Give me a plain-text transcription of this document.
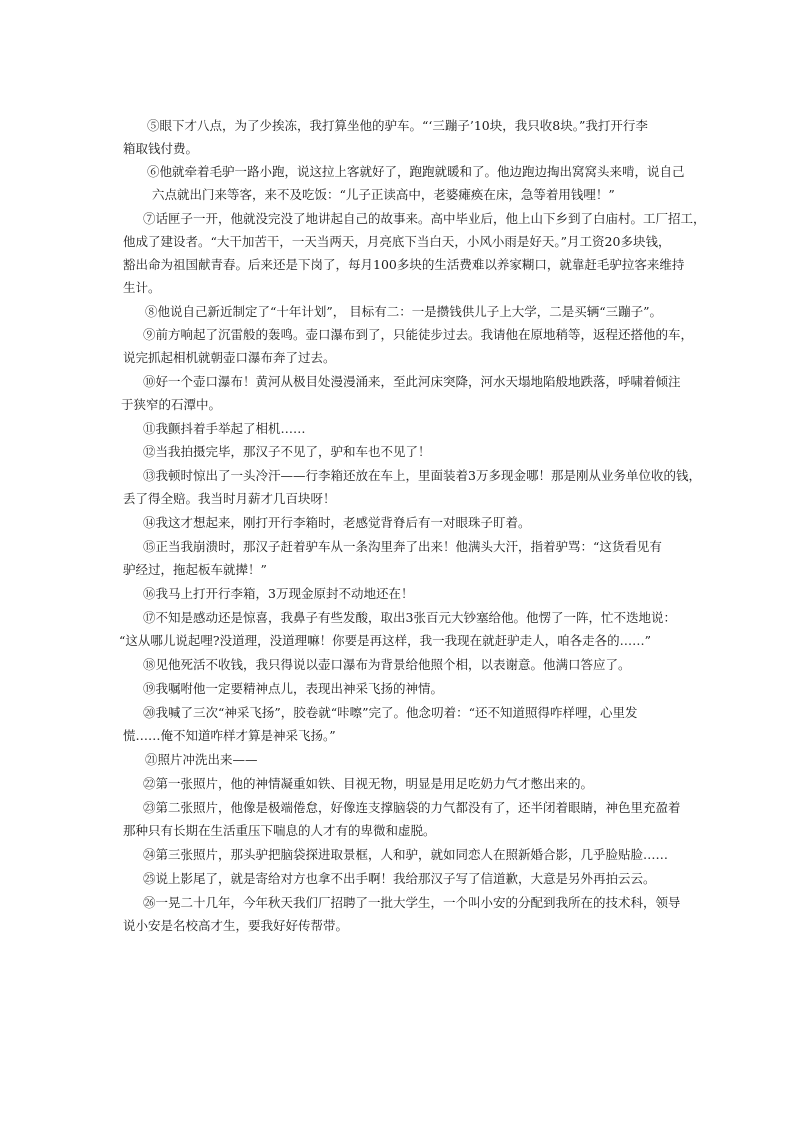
⑤眼下才八点，为了少挨冻，我打算坐他的驴车。“‘三蹦子’10块，我只收8块。”我打开行李
箱取钱付费。
⑥他就牵着毛驴一路小跑，说这拉上客就好了，跑跑就暖和了。他边跑边掏出窝窝头来啃，说自己
六点就出门来等客，来不及吃饭：“儿子正读高中，老婆瘫痪在床，急等着用钱哩！”
⑦话匣子一开，他就没完没了地讲起自己的故事来。高中毕业后，他上山下乡到了白庙村。工厂招工，
他成了建设者。“大干加苦干，一天当两天，月亮底下当白天，小风小雨是好天。”月工资20多块钱，
豁出命为祖国献青春。后来还是下岗了，每月100多块的生活费难以养家糊口，就靠赶毛驴拉客来维持
生计。
⑧他说自己新近制定了“十年计划”， 目标有二：一是攒钱供儿子上大学，二是买辆“三蹦子”。
⑨前方响起了沉雷般的轰鸣。壶口瀑布到了，只能徒步过去。我请他在原地稍等，返程还搭他的车，
说完抓起相机就朝壶口瀑布奔了过去。
⑩好一个壶口瀑布！黄河从极目处漫漫涌来，至此河床突降，河水天塌地陷般地跌落，呼啸着倾注
于狭窄的石潭中。
⑪我颤抖着手举起了相机……
⑫当我拍摄完毕，那汉子不见了，驴和车也不见了！
⑬我顿时惊出了一头冷汗——行李箱还放在车上，里面装着3万多现金哪！那是刚从业务单位收的钱，
丢了得全赔。我当时月薪才几百块呀！
⑭我这才想起来，刚打开行李箱时，老感觉背脊后有一对眼珠子盯着。
⑮正当我崩溃时，那汉子赶着驴车从一条沟里奔了出来！他满头大汗，指着驴骂：“这货看见有
驴经过，拖起板车就撵！”
⑯我马上打开行李箱，3万现金原封不动地还在！
⑰不知是感动还是惊喜，我鼻子有些发酸，取出3张百元大钞塞给他。他愣了一阵，忙不迭地说：
“这从哪儿说起哩?没道理，没道理嘛！你要是再这样，我一我现在就赶驴走人，咱各走各的……”
⑱见他死活不收钱，我只得说以壶口瀑布为背景给他照个相，以表谢意。他满口答应了。
⑲我嘱咐他一定要精神点儿，表现出神采飞扬的神情。
⑳我喊了三次“神采飞扬”，胶卷就“咔嚓”完了。他念叨着：“还不知道照得咋样哩，心里发
慌……俺不知道咋样才算是神采飞扬。”
㉑照片冲洗出来——
㉒第一张照片，他的神情凝重如铁、目视无物，明显是用足吃奶力气才憋出来的。
㉓第二张照片，他像是极端倦怠，好像连支撑脑袋的力气都没有了，还半闭着眼睛，神色里充盈着
那种只有长期在生活重压下喘息的人才有的卑微和虚脱。
㉔第三张照片，那头驴把脑袋探进取景框，人和驴，就如同恋人在照新婚合影，几乎脸贴脸……
㉕说上影尾了，就是寄给对方也拿不出手啊！我给那汉子写了信道歉，大意是另外再拍云云。
㉖一晃二十几年，今年秋天我们厂招聘了一批大学生，一个叫小安的分配到我所在的技术科，领导
说小安是名校高才生，要我好好传帮带。
